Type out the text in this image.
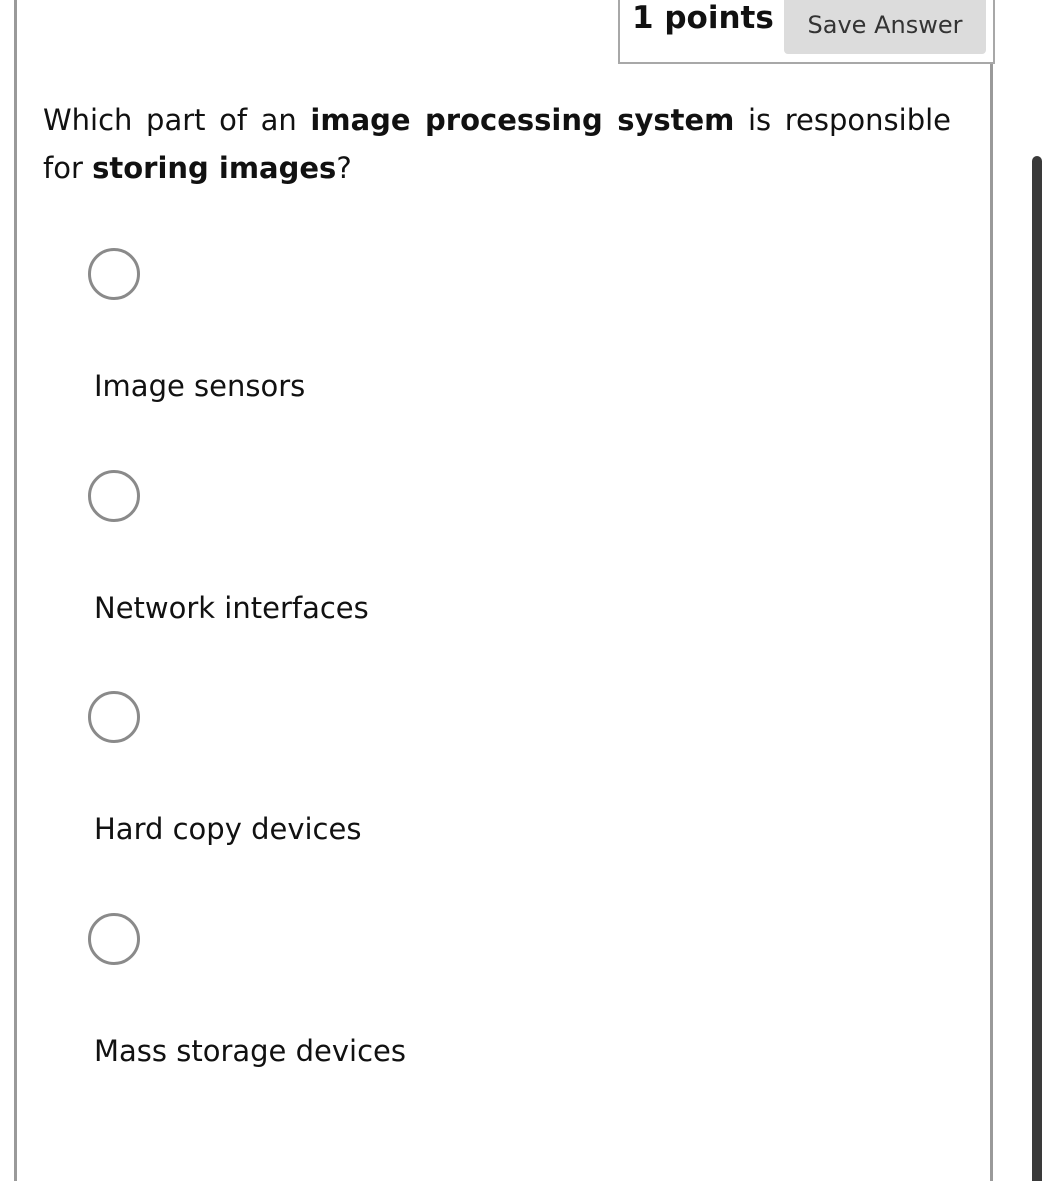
1 points	Save Answer
Which part of an image processing system is responsible for storing images?
Image sensors
Network interfaces
Hard copy devices
Mass storage devices
